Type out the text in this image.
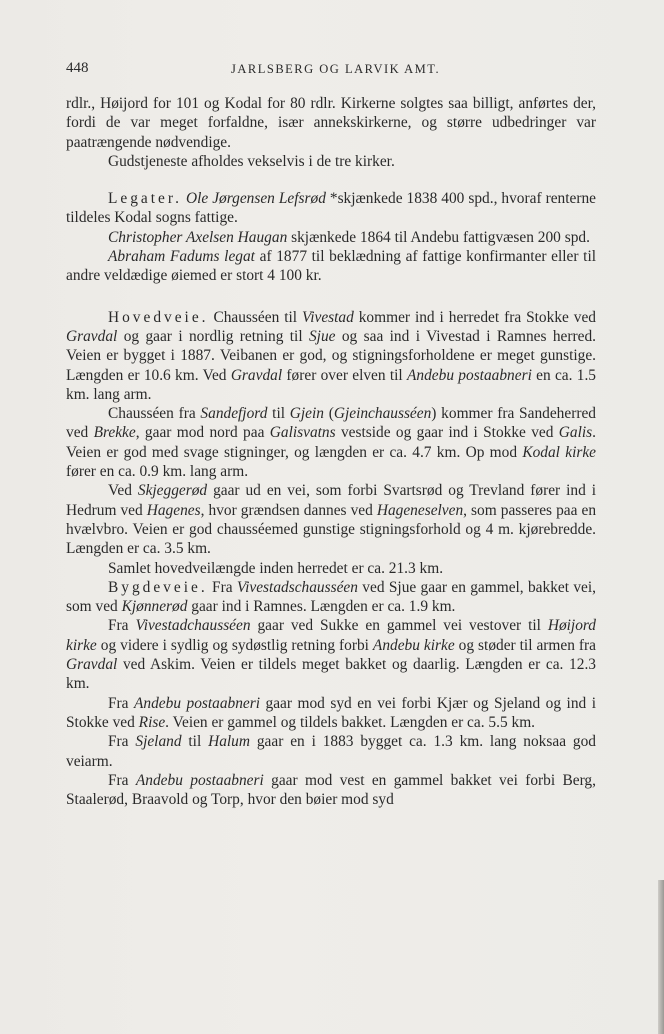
448	JARLSBERG OG LARVIK AMT.

rdlr., Høijord for 101 og Kodal for 80 rdlr. Kirkerne solgtes saa billigt, anførtes der, fordi de var meget forfaldne, især annekskirkerne, og større udbedringer var paatrængende nødvendige.

Gudstjeneste afholdes vekselvis i de tre kirker.

Legater. Ole Jørgensen Lefsrød *skjænkede 1838 400 spd., hvoraf renterne tildeles Kodal sogns fattige.

Christopher Axelsen Haugan skjænkede 1864 til Andebu fattigvæsen 200 spd.

Abraham Fadums legat af 1877 til beklædning af fattige konfirmanter eller til andre veldædige øiemed er stort 4 100 kr.

Hovedveie. Chausséen til Vivestad kommer ind i herredet fra Stokke ved Gravdal og gaar i nordlig retning til Sjue og saa ind i Vivestad i Ramnes herred. Veien er bygget i 1887. Veibanen er god, og stigningsforholdene er meget gunstige. Længden er 10.6 km. Ved Gravdal fører over elven til Andebu postaabneri en ca. 1.5 km. lang arm.

Chausséen fra Sandefjord til Gjein (Gjeinchausséen) kommer fra Sandeherred ved Brekke, gaar mod nord paa Galisvatns vestside og gaar ind i Stokke ved Galis. Veien er god med svage stigninger, og længden er ca. 4.7 km. Op mod Kodal kirke fører en ca. 0.9 km. lang arm.

Ved Skjeggerød gaar ud en vei, som forbi Svartsrød og Trevland fører ind i Hedrum ved Hagenes, hvor grændsen dannes ved Hageneselven, som passeres paa en hvælvbro. Veien er god chausséemed gunstige stigningsforhold og 4 m. kjørebredde. Længden er ca. 3.5 km.

Samlet hovedveilængde inden herredet er ca. 21.3 km.

Bygdeveie. Fra Vivestadschausséen ved Sjue gaar en gammel, bakket vei, som ved Kjønnerød gaar ind i Ramnes. Længden er ca. 1.9 km.

Fra Vivestadchausséen gaar ved Sukke en gammel vei vestover til Høijord kirke og videre i sydlig og sydøstlig retning forbi Andebu kirke og støder til armen fra Gravdal ved Askim. Veien er tildels meget bakket og daarlig. Længden er ca. 12.3 km.

Fra Andebu postaabneri gaar mod syd en vei forbi Kjær og Sjeland og ind i Stokke ved Rise. Veien er gammel og tildels bakket. Længden er ca. 5.5 km.

Fra Sjeland til Halum gaar en i 1883 bygget ca. 1.3 km. lang noksaa god veiarm.

Fra Andebu postaabneri gaar mod vest en gammel bakket vei forbi Berg, Staalerød, Braavold og Torp, hvor den bøier mod syd
